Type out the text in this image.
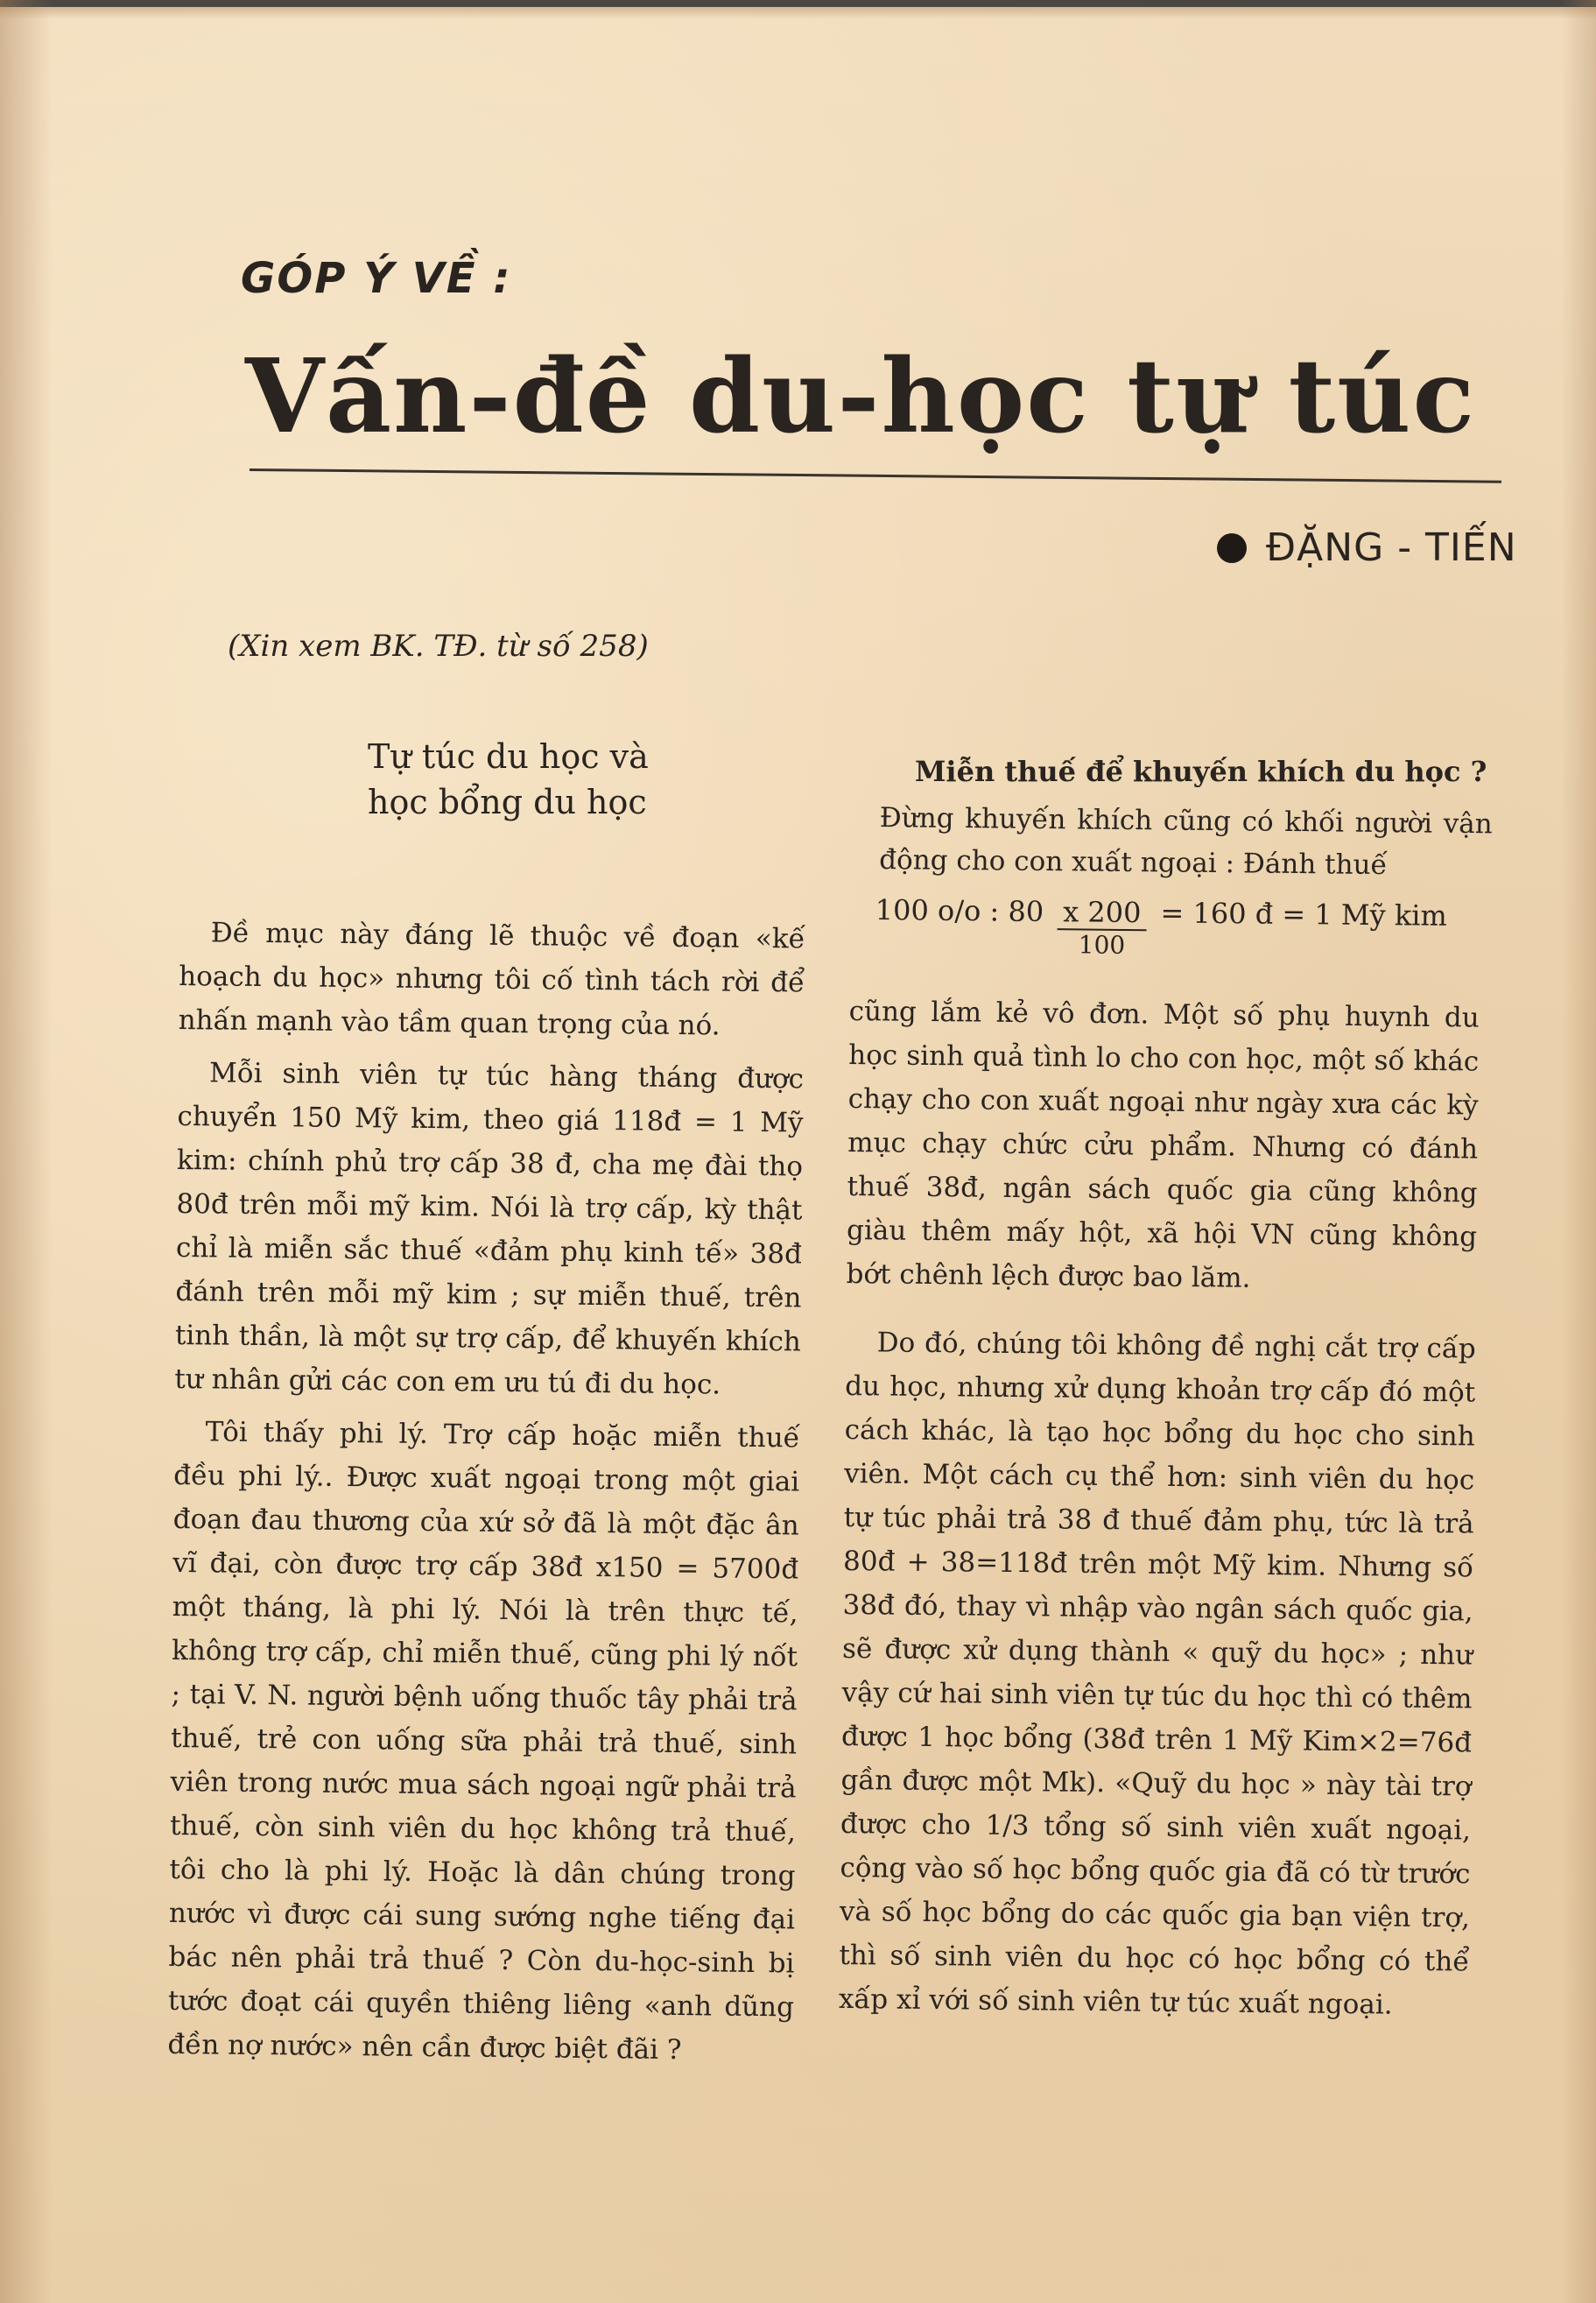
GÓP Ý VỀ :
Vấn-đề du-học tự túc
ĐẶNG - TIẾN
(Xin xem BK. TĐ. từ số 258)
Tự túc du học và
học bổng du học

Đề mục này đáng lẽ thuộc về đoạn «kế hoạch du học» nhưng tôi cố tình tách rời để nhấn mạnh vào tầm quan trọng của nó.

Mỗi sinh viên tự túc hàng tháng được chuyển 150 Mỹ kim, theo giá 118đ = 1 Mỹ kim: chính phủ trợ cấp 38 đ, cha mẹ đài thọ 80đ trên mỗi mỹ kim. Nói là trợ cấp, kỳ thật chỉ là miễn sắc thuế «đảm phụ kinh tế» 38đ đánh trên mỗi mỹ kim ; sự miễn thuế, trên tinh thần, là một sự trợ cấp, để khuyến khích tư nhân gửi các con em ưu tú đi du học.

Tôi thấy phi lý. Trợ cấp hoặc miễn thuế đều phi lý.. Được xuất ngoại trong một giai đoạn đau thương của xứ sở đã là một đặc ân vĩ đại, còn được trợ cấp 38đ x150 = 5700đ một tháng, là phi lý. Nói là trên thực tế, không trợ cấp, chỉ miễn thuế, cũng phi lý nốt ; tại V. N. người bệnh uống thuốc tây phải trả thuế, trẻ con uống sữa phải trả thuế, sinh viên trong nước mua sách ngoại ngữ phải trả thuế, còn sinh viên du học không trả thuế, tôi cho là phi lý. Hoặc là dân chúng trong nước vì được cái sung sướng nghe tiếng đại bác nên phải trả thuế ? Còn du-học-sinh bị tước đoạt cái quyền thiêng liêng «anh dũng đền nợ nước» nên cần được biệt đãi ?

Miễn thuế để khuyến khích du học ?
Đừng khuyến khích cũng có khối người vận động cho con xuất ngoại : Đánh thuế
100 o/o : $80 \frac{x 200}{100} = 160$ đ = 1 Mỹ kim

cũng lắm kẻ vô đơn. Một số phụ huynh du học sinh quả tình lo cho con học, một số khác chạy cho con xuất ngoại như ngày xưa các kỳ mục chạy chức cửu phẩm. Nhưng có đánh thuế 38đ, ngân sách quốc gia cũng không giàu thêm mấy hột, xã hội VN cũng không bớt chênh lệch được bao lăm.

Do đó, chúng tôi không đề nghị cắt trợ cấp du học, nhưng xử dụng khoản trợ cấp đó một cách khác, là tạo học bổng du học cho sinh viên. Một cách cụ thể hơn: sinh viên du học tự túc phải trả 38 đ thuế đảm phụ, tức là trả 80đ + 38=118đ trên một Mỹ kim. Nhưng số 38đ đó, thay vì nhập vào ngân sách quốc gia, sẽ được xử dụng thành « quỹ du học» ; như vậy cứ hai sinh viên tự túc du học thì có thêm được 1 học bổng (38đ trên 1 Mỹ Kim×2=76đ gần được một Mk). «Quỹ du học » này tài trợ được cho 1/3 tổng số sinh viên xuất ngoại, cộng vào số học bổng quốc gia đã có từ trước và số học bổng do các quốc gia bạn viện trợ, thì số sinh viên du học có học bổng có thể xấp xỉ với số sinh viên tự túc xuất ngoại.
